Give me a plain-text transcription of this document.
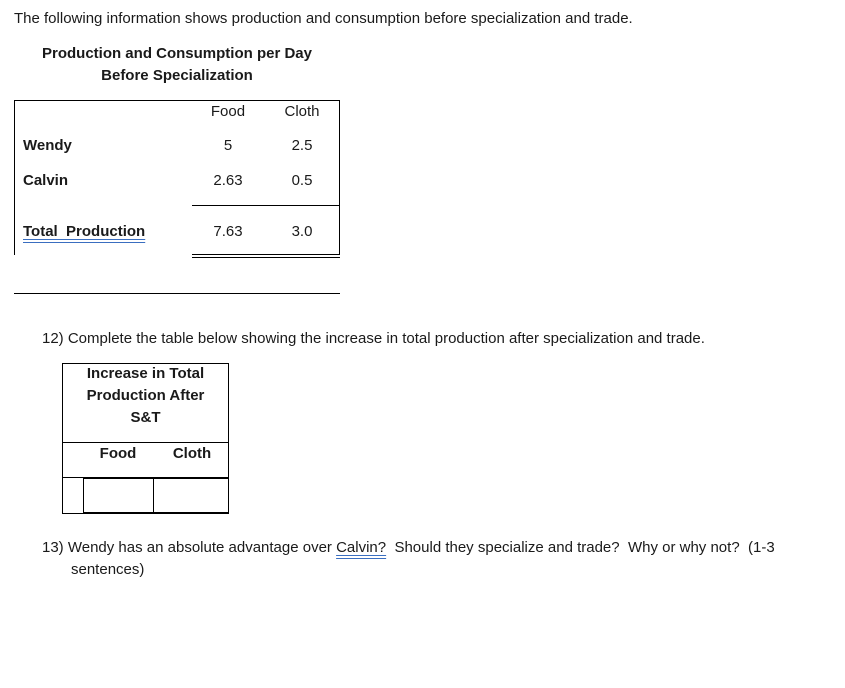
The following information shows production and consumption before specialization and trade.
Production and Consumption per Day
Before Specialization
Food	Cloth
Wendy	5	2.5
Calvin	2.63	0.5
Total  Production	7.63	3.0
12) Complete the table below showing the increase in total production after specialization and trade.
Increase in Total
Production After
S&T
Food	Cloth
13) Wendy has an absolute advantage over Calvin?  Should they specialize and trade?  Why or why not?  (1-3
sentences)
